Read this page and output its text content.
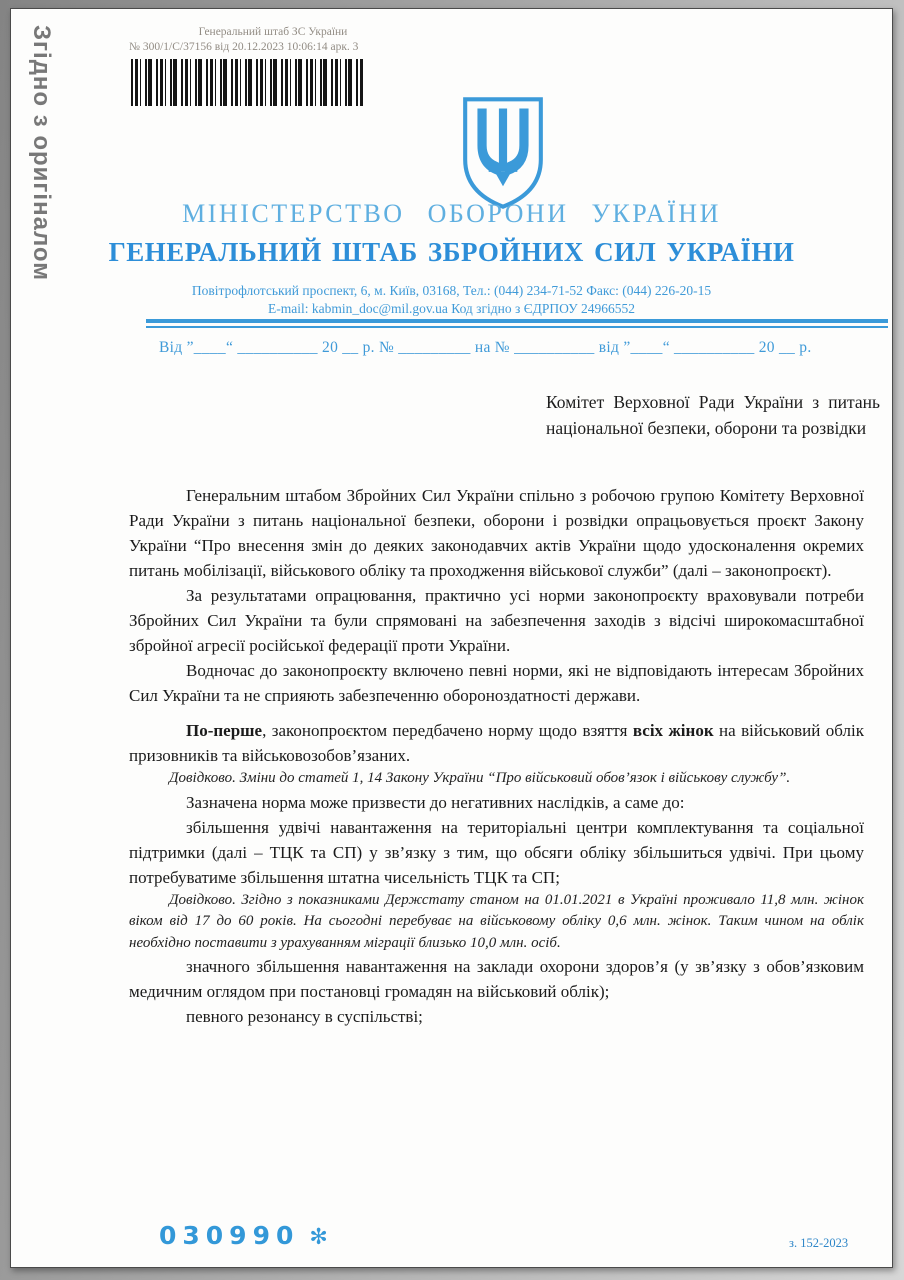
Згідно з оригіналом	Генеральний штаб ЗС України
№ 300/1/С/37156 від 20.12.2023 10:06:14 арк. 3
МІНІСТЕРСТВО ОБОРОНИ УКРАЇНИ
ГЕНЕРАЛЬНИЙ ШТАБ ЗБРОЙНИХ СИЛ УКРАЇНИ
Повітрофлотський проспект, 6, м. Київ, 03168, Тел.: (044) 234-71-52 Факс: (044) 226-20-15
E-mail: kabmin_doc@mil.gov.ua Код згідно з ЄДРПОУ 24966552
Від ”____“ __________ 20 __ р. № _________ на № __________ від ”____“ __________ 20 __ р.
Комітет Верховної Ради України з питань національної безпеки, оборони та розвідки

Генеральним штабом Збройних Сил України спільно з робочою групою Комітету Верховної Ради України з питань національної безпеки, оборони і розвідки опрацьовується проєкт Закону України “Про внесення змін до деяких законодавчих актів України щодо удосконалення окремих питань мобілізації, військового обліку та проходження військової служби” (далі – законопроєкт).

За результатами опрацювання, практично усі норми законопроєкту враховували потреби Збройних Сил України та були спрямовані на забезпечення заходів з відсічі широкомасштабної збройної агресії російської федерації проти України.

Водночас до законопроєкту включено певні норми, які не відповідають інтересам Збройних Сил України та не сприяють забезпеченню обороноздатності держави.

По-перше, законопроєктом передбачено норму щодо взяття всіх жінок на військовий облік призовників та військовозобов’язаних.

Довідково. Зміни до статей 1, 14 Закону України “Про військовий обов’язок і військову службу”.

Зазначена норма може призвести до негативних наслідків, а саме до:

збільшення удвічі навантаження на територіальні центри комплектування та соціальної підтримки (далі – ТЦК та СП) у зв’язку з тим, що обсяги обліку збільшиться удвічі. При цьому потребуватиме збільшення штатна чисельність ТЦК та СП;

Довідково. Згідно з показниками Держстату станом на 01.01.2021 в Україні проживало 11,8 млн. жінок віком від 17 до 60 років. На сьогодні перебуває на військовому обліку 0,6 млн. жінок. Таким чином на облік необхідно поставити з урахуванням міграції близько 10,0 млн. осіб.

значного збільшення навантаження на заклади охорони здоров’я (у зв’язку з обов’язковим медичним оглядом при постановці громадян на військовий облік);

певного резонансу в суспільстві;

030990 ✻	з. 152-2023
